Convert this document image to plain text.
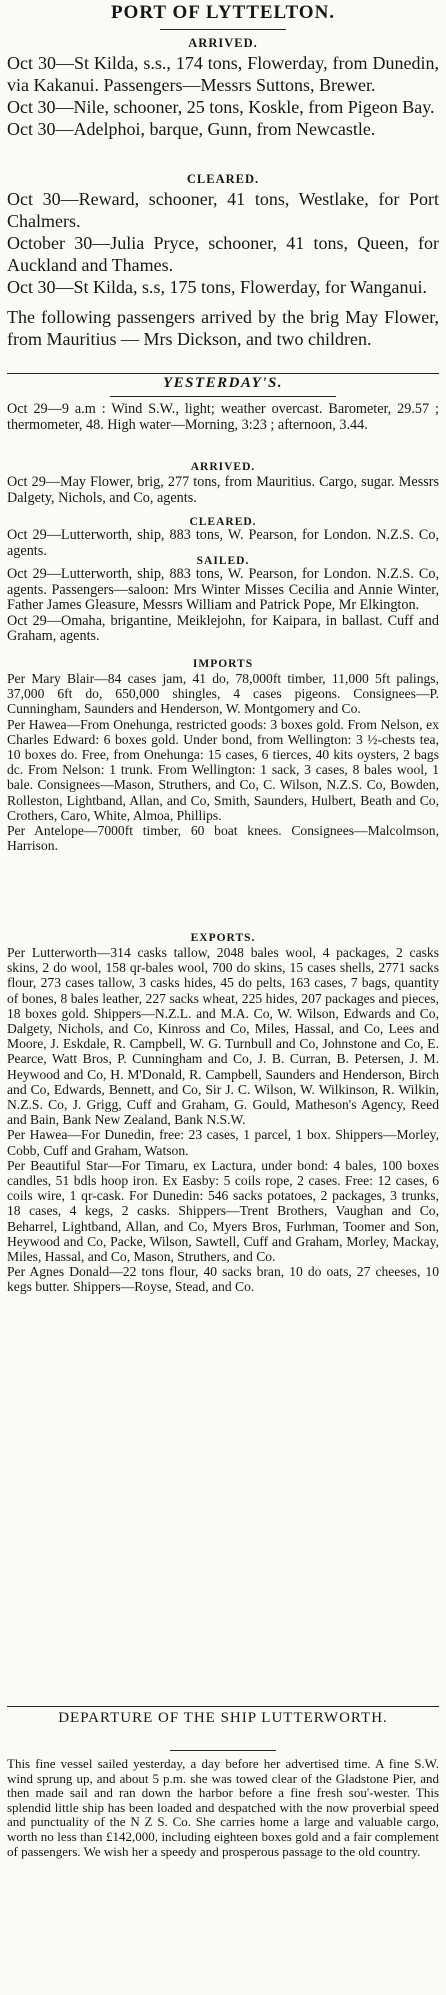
PORT OF LYTTELTON.
ARRIVED.

Oct 30—St Kilda, s.s., 174 tons, Flowerday, from Dunedin, via Kakanui. Passengers—Messrs Suttons, Brewer.
Oct 30—Nile, schooner, 25 tons, Koskle, from Pigeon Bay.
Oct 30—Adelphoi, barque, Gunn, from Newcastle.

CLEARED.

Oct 30—Reward, schooner, 41 tons, Westlake, for Port Chalmers.
October 30—Julia Pryce, schooner, 41 tons, Queen, for Auckland and Thames.
Oct 30—St Kilda, s.s, 175 tons, Flowerday, for Wanganui.

The following passengers arrived by the brig May Flower, from Mauritius — Mrs Dickson, and two children.

YESTERDAY'S.

Oct 29—9 a.m : Wind S.W., light; weather overcast. Barometer, 29.57 ; thermometer, 48. High water—Morning, 3:23 ; afternoon, 3.44.

ARRIVED.

Oct 29—May Flower, brig, 277 tons, from Mauritius. Cargo, sugar. Messrs Dalgety, Nichols, and Co, agents.

CLEARED.

Oct 29—Lutterworth, ship, 883 tons, W. Pearson, for London. N.Z.S. Co, agents.

SAILED.

Oct 29—Lutterworth, ship, 883 tons, W. Pearson, for London. N.Z.S. Co, agents. Passengers—saloon: Mrs Winter Misses Cecilia and Annie Winter, Father James Gleasure, Messrs William and Patrick Pope, Mr Elkington.
Oct 29—Omaha, brigantine, Meiklejohn, for Kaipara, in ballast. Cuff and Graham, agents.

IMPORTS

Per Mary Blair—84 cases jam, 41 do, 78,000ft timber, 11,000 5ft palings, 37,000 6ft do, 650,000 shingles, 4 cases pigeons. Consignees—P. Cunningham, Saunders and Henderson, W. Montgomery and Co.
Per Hawea—From Onehunga, restricted goods: 3 boxes gold. From Nelson, ex Charles Edward: 6 boxes gold. Under bond, from Wellington: 3 ½-chests tea, 10 boxes do. Free, from Onehunga: 15 cases, 6 tierces, 40 kits oysters, 2 bags dc. From Nelson: 1 trunk. From Wellington: 1 sack, 3 cases, 8 bales wool, 1 bale. Consignees—Mason, Struthers, and Co, C. Wilson, N.Z.S. Co, Bowden, Rolleston, Lightband, Allan, and Co, Smith, Saunders, Hulbert, Beath and Co, Crothers, Caro, White, Almoa, Phillips.
Per Antelope—7000ft timber, 60 boat knees. Consignees—Malcolmson, Harrison.

EXPORTS.

Per Lutterworth—314 casks tallow, 2048 bales wool, 4 packages, 2 casks skins, 2 do wool, 158 qr-bales wool, 700 do skins, 15 cases shells, 2771 sacks flour, 273 cases tallow, 3 casks hides, 45 do pelts, 163 cases, 7 bags, quantity of bones, 8 bales leather, 227 sacks wheat, 225 hides, 207 packages and pieces, 18 boxes gold. Shippers—N.Z.L. and M.A. Co, W. Wilson, Edwards and Co, Dalgety, Nichols, and Co, Kinross and Co, Miles, Hassal, and Co, Lees and Moore, J. Eskdale, R. Campbell, W. G. Turnbull and Co, Johnstone and Co, E. Pearce, Watt Bros, P. Cunningham and Co, J. B. Curran, B. Petersen, J. M. Heywood and Co, H. M'Donald, R. Campbell, Saunders and Henderson, Birch and Co, Edwards, Bennett, and Co, Sir J. C. Wilson, W. Wilkinson, R. Wilkin, N.Z.S. Co, J. Grigg, Cuff and Graham, G. Gould, Matheson's Agency, Reed and Bain, Bank New Zealand, Bank N.S.W.
Per Hawea—For Dunedin, free: 23 cases, 1 parcel, 1 box. Shippers—Morley, Cobb, Cuff and Graham, Watson.
Per Beautiful Star—For Timaru, ex Lactura, under bond: 4 bales, 100 boxes candles, 51 bdls hoop iron. Ex Easby: 5 coils rope, 2 cases. Free: 12 cases, 6 coils wire, 1 qr-cask. For Dunedin: 546 sacks potatoes, 2 packages, 3 trunks, 18 cases, 4 kegs, 2 casks. Shippers—Trent Brothers, Vaughan and Co, Beharrel, Lightband, Allan, and Co, Myers Bros, Furhman, Toomer and Son, Heywood and Co, Packe, Wilson, Sawtell, Cuff and Graham, Morley, Mackay, Miles, Hassal, and Co, Mason, Struthers, and Co.
Per Agnes Donald—22 tons flour, 40 sacks bran, 10 do oats, 27 cheeses, 10 kegs butter. Shippers—Royse, Stead, and Co.

DEPARTURE OF THE SHIP LUTTERWORTH.

This fine vessel sailed yesterday, a day before her advertised time. A fine S.W. wind sprung up, and about 5 p.m. she was towed clear of the Gladstone Pier, and then made sail and ran down the harbor before a fine fresh sou'-wester. This splendid little ship has been loaded and despatched with the now proverbial speed and punctuality of the N Z S. Co. She carries home a large and valuable cargo, worth no less than £142,000, including eighteen boxes gold and a fair complement of passengers. We wish her a speedy and prosperous passage to the old country.
